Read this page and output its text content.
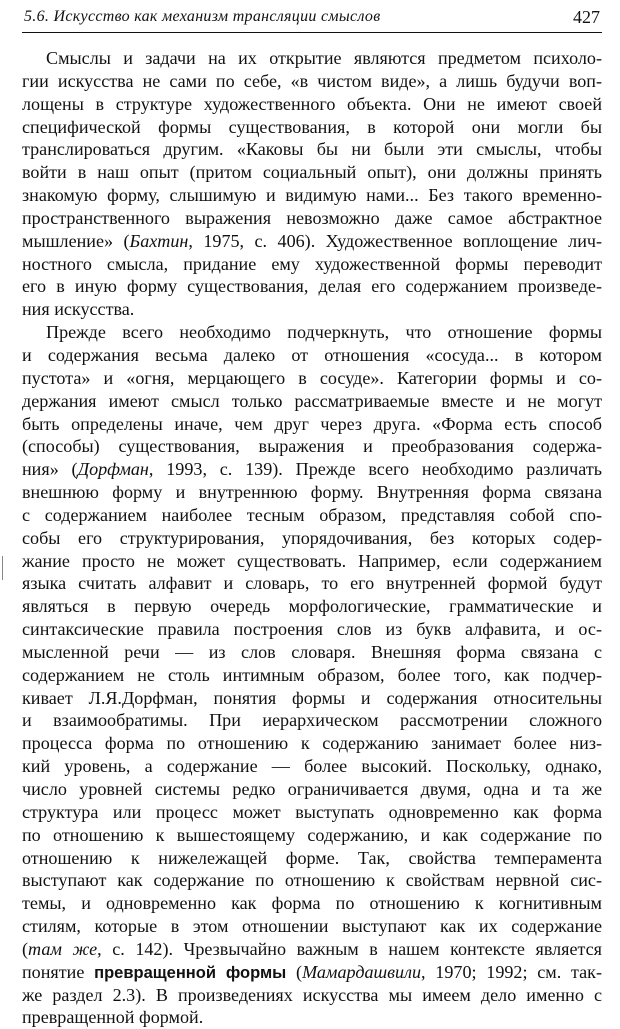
5.6. Искусство как механизм трансляции смыслов	427
Смыслы и задачи на их открытие являются предметом психоло-
гии искусства не сами по себе, «в чистом виде», а лишь будучи воп-
лощены в структуре художественного объекта. Они не имеют своей
специфической формы существования, в которой они могли бы
транслироваться другим. «Каковы бы ни были эти смыслы, чтобы
войти в наш опыт (притом социальный опыт), они должны принять
знакомую форму, слышимую и видимую нами... Без такого временно-
пространственного выражения невозможно даже самое абстрактное
мышление» (Бахтин, 1975, с. 406). Художественное воплощение лич-
ностного смысла, придание ему художественной формы переводит
его в иную форму существования, делая его содержанием произведе-
ния искусства.
Прежде всего необходимо подчеркнуть, что отношение формы
и содержания весьма далеко от отношения «сосуда... в котором
пустота» и «огня, мерцающего в сосуде». Категории формы и со-
держания имеют смысл только рассматриваемые вместе и не могут
быть определены иначе, чем друг через друга. «Форма есть способ
(способы) существования, выражения и преобразования содержа-
ния» (Дорфман, 1993, с. 139). Прежде всего необходимо различать
внешнюю форму и внутреннюю форму. Внутренняя форма связана
с содержанием наиболее тесным образом, представляя собой спо-
собы его структурирования, упорядочивания, без которых содер-
жание просто не может существовать. Например, если содержанием
языка считать алфавит и словарь, то его внутренней формой будут
являться в первую очередь морфологические, грамматические и
синтаксические правила построения слов из букв алфавита, и ос-
мысленной речи — из слов словаря. Внешняя форма связана с
содержанием не столь интимным образом, более того, как подчер-
кивает Л.Я.Дорфман, понятия формы и содержания относительны
и взаимообратимы. При иерархическом рассмотрении сложного
процесса форма по отношению к содержанию занимает более низ-
кий уровень, а содержание — более высокий. Поскольку, однако,
число уровней системы редко ограничивается двумя, одна и та же
структура или процесс может выступать одновременно как форма
по отношению к вышестоящему содержанию, и как содержание по
отношению к нижележащей форме. Так, свойства темперамента
выступают как содержание по отношению к свойствам нервной сис-
темы, и одновременно как форма по отношению к когнитивным
стилям, которые в этом отношении выступают как их содержание
(там же, с. 142). Чрезвычайно важным в нашем контексте является
понятие превращенной формы (Мамардашвили, 1970; 1992; см. так-
же раздел 2.3). В произведениях искусства мы имеем дело именно с
превращенной формой.
